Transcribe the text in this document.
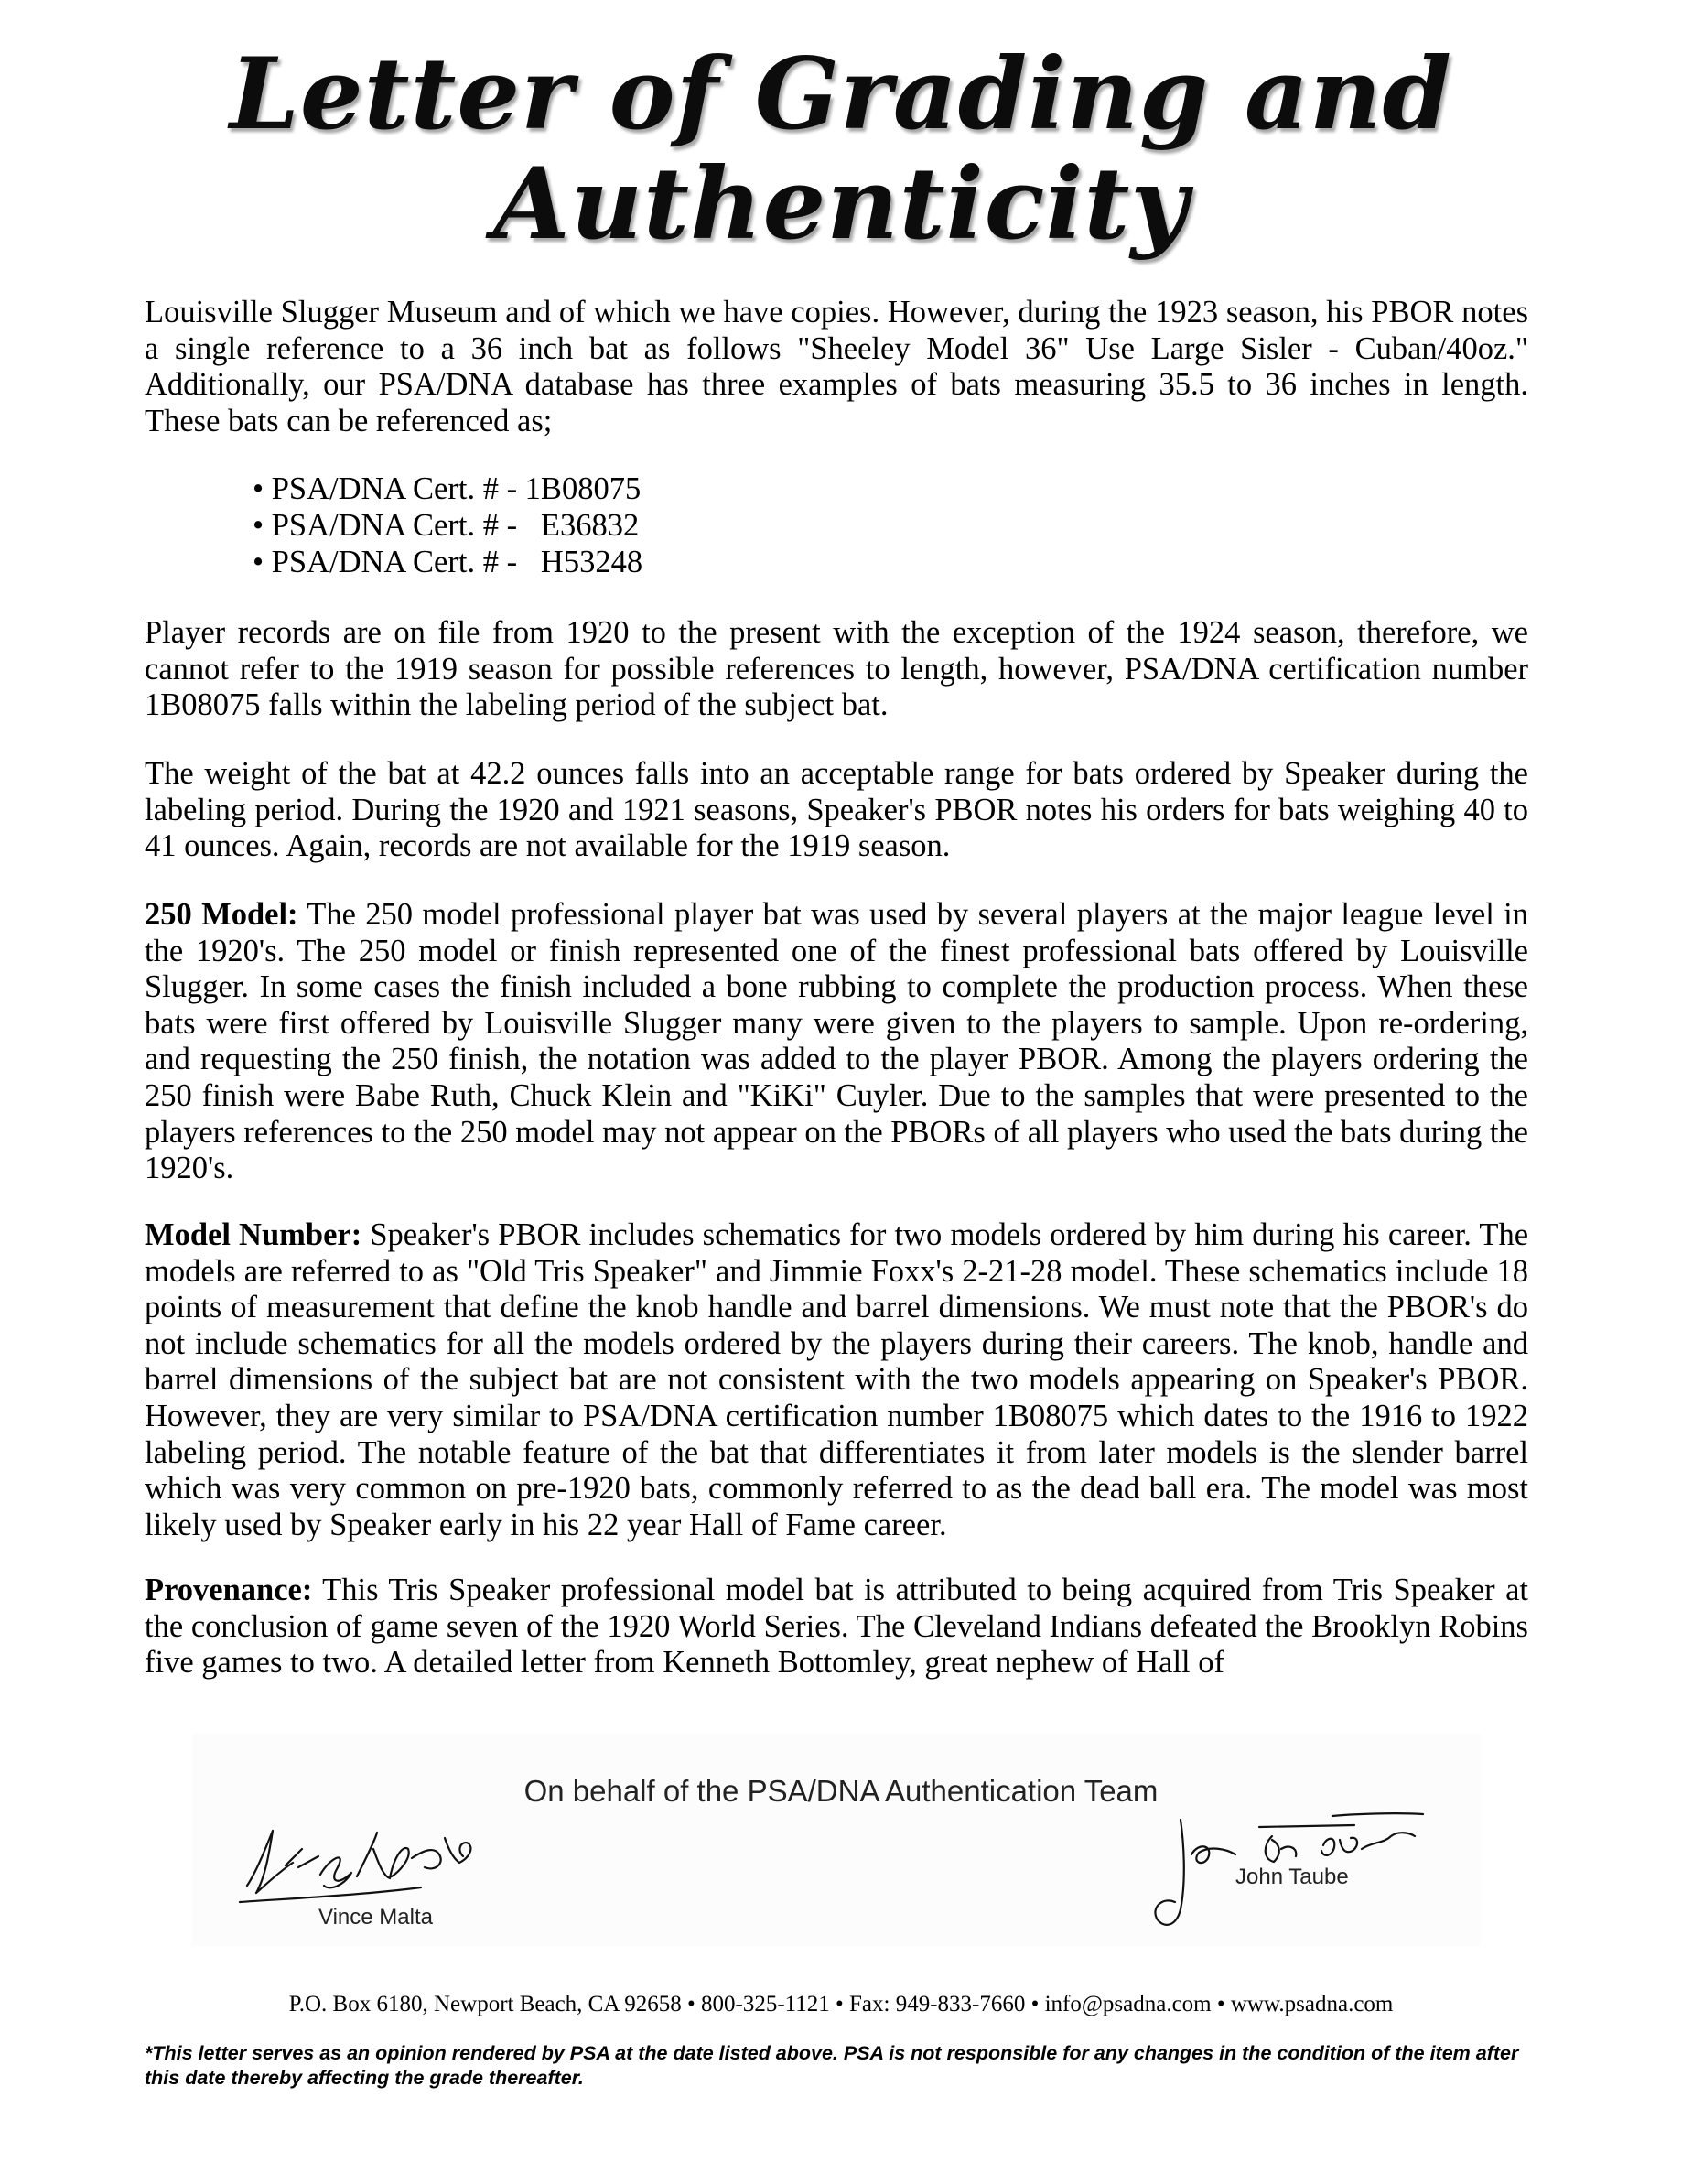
Letter of Grading and
Authenticity

Louisville Slugger Museum and of which we have copies. However, during the 1923 season, his PBOR notes a single reference to a 36 inch bat as follows "Sheeley Model 36" Use Large Sisler - Cuban/40oz." Additionally, our PSA/DNA database has three examples of bats measuring 35.5 to 36 inches in length. These bats can be referenced as;

• PSA/DNA Cert. # - 1B08075
• PSA/DNA Cert. # -   E36832
• PSA/DNA Cert. # -   H53248

Player records are on file from 1920 to the present with the exception of the 1924 season, therefore, we cannot refer to the 1919 season for possible references to length, however, PSA/DNA certification number 1B08075 falls within the labeling period of the subject bat.

The weight of the bat at 42.2 ounces falls into an acceptable range for bats ordered by Speaker during the labeling period. During the 1920 and 1921 seasons, Speaker's PBOR notes his orders for bats weighing 40 to 41 ounces. Again, records are not available for the 1919 season.

250 Model: The 250 model professional player bat was used by several players at the major league level in the 1920's. The 250 model or finish represented one of the finest professional bats offered by Louisville Slugger. In some cases the finish included a bone rubbing to complete the production process. When these bats were first offered by Louisville Slugger many were given to the players to sample. Upon re-ordering, and requesting the 250 finish, the notation was added to the player PBOR. Among the players ordering the 250 finish were Babe Ruth, Chuck Klein and "KiKi" Cuyler. Due to the samples that were presented to the players references to the 250 model may not appear on the PBORs of all players who used the bats during the 1920's.

Model Number: Speaker's PBOR includes schematics for two models ordered by him during his career. The models are referred to as "Old Tris Speaker" and Jimmie Foxx's 2-21-28 model. These schematics include 18 points of measurement that define the knob handle and barrel dimensions. We must note that the PBOR's do not include schematics for all the models ordered by the players during their careers. The knob, handle and barrel dimensions of the subject bat are not consistent with the two models appearing on Speaker's PBOR. However, they are very similar to PSA/DNA certification number 1B08075 which dates to the 1916 to 1922 labeling period. The notable feature of the bat that differentiates it from later models is the slender barrel which was very common on pre-1920 bats, commonly referred to as the dead ball era. The model was most likely used by Speaker early in his 22 year Hall of Fame career.

Provenance: This Tris Speaker professional model bat is attributed to being acquired from Tris Speaker at the conclusion of game seven of the 1920 World Series. The Cleveland Indians defeated the Brooklyn Robins five games to two. A detailed letter from Kenneth Bottomley, great nephew of Hall of

On behalf of the PSA/DNA Authentication Team
Vince Malta
John Taube
P.O. Box 6180, Newport Beach, CA 92658 • 800-325-1121 • Fax: 949-833-7660 • info@psadna.com • www.psadna.com
*This letter serves as an opinion rendered by PSA at the date listed above. PSA is not responsible for any changes in the condition of the item after this date thereby affecting the grade thereafter.
